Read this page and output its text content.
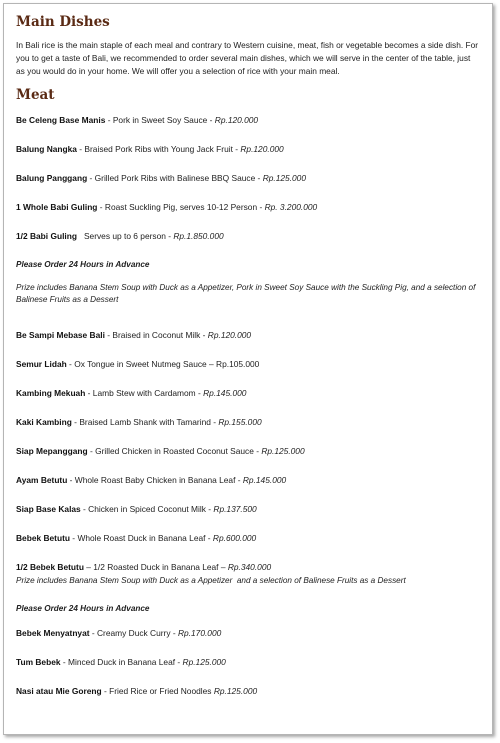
Main Dishes

In Bali rice is the main staple of each meal and contrary to Western cuisine, meat, fish or vegetable becomes a side dish. For you to get a taste of Bali, we recommended to order several main dishes, which we will serve in the center of the table, just as you would do in your home. We will offer you a selection of rice with your main meal.

Meat
Be Celeng Base Manis - Pork in Sweet Soy Sauce - Rp.120.000
Balung Nangka - Braised Pork Ribs with Young Jack Fruit - Rp.120.000
Balung Panggang - Grilled Pork Ribs with Balinese BBQ Sauce - Rp.125.000
1 Whole Babi Guling - Roast Suckling Pig, serves 10-12 Person - Rp. 3.200.000
1/2 Babi Guling Serves up to 6 person - Rp.1.850.000

Please Order 24 Hours in Advance

Prize includes Banana Stem Soup with Duck as a Appetizer, Pork in Sweet Soy Sauce with the Suckling Pig, and a selection of Balinese Fruits as a Dessert

Be Sampi Mebase Bali - Braised in Coconut Milk - Rp.120.000
Semur Lidah - Ox Tongue in Sweet Nutmeg Sauce – Rp.105.000
Kambing Mekuah - Lamb Stew with Cardamom - Rp.145.000
Kaki Kambing - Braised Lamb Shank with Tamarind - Rp.155.000
Siap Mepanggang - Grilled Chicken in Roasted Coconut Sauce - Rp.125.000
Ayam Betutu - Whole Roast Baby Chicken in Banana Leaf - Rp.145.000
Siap Base Kalas - Chicken in Spiced Coconut Milk - Rp.137.500
Bebek Betutu - Whole Roast Duck in Banana Leaf - Rp.600.000
1/2 Bebek Betutu – 1/2 Roasted Duck in Banana Leaf – Rp.340.000

Prize includes Banana Stem Soup with Duck as a Appetizer  and a selection of Balinese Fruits as a Dessert

Please Order 24 Hours in Advance

Bebek Menyatnyat - Creamy Duck Curry - Rp.170.000
Tum Bebek - Minced Duck in Banana Leaf - Rp.125.000
Nasi atau Mie Goreng - Fried Rice or Fried Noodles Rp.125.000
